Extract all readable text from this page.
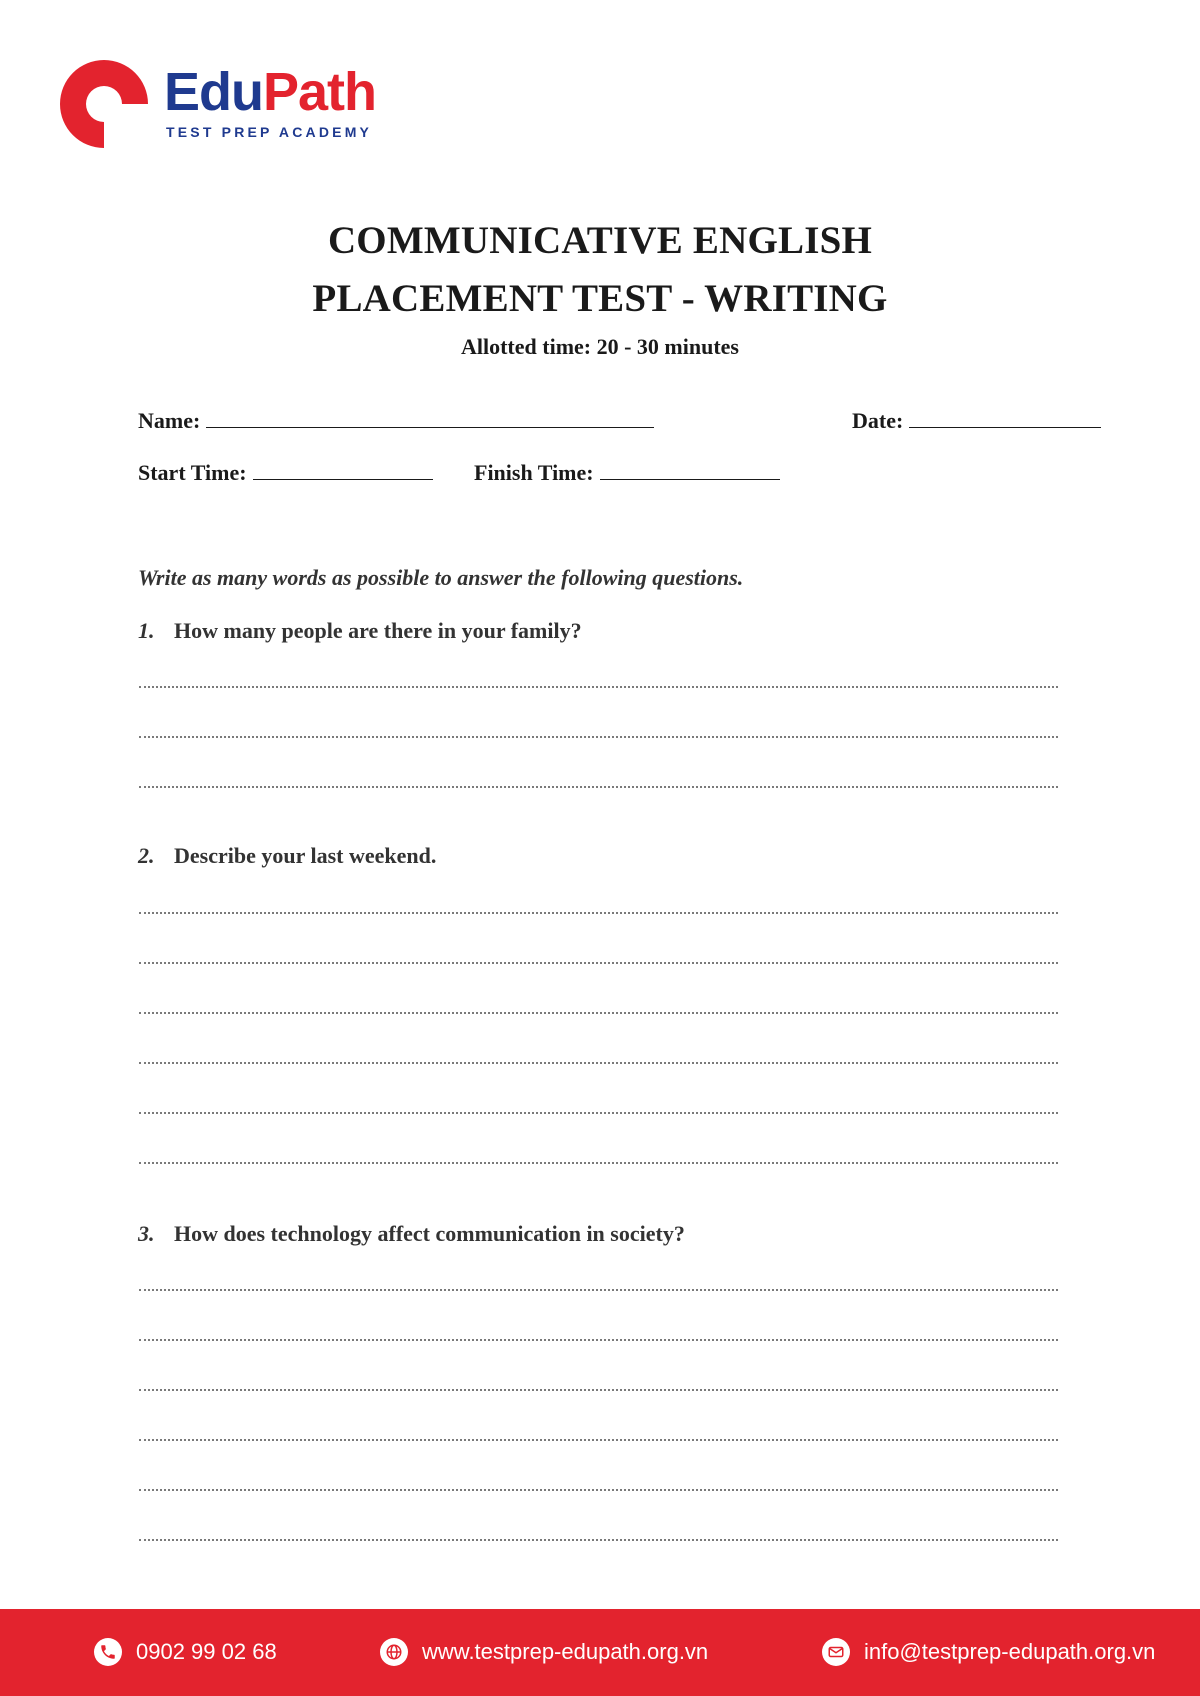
EduPath
TEST PREP ACADEMY
COMMUNICATIVE ENGLISH
PLACEMENT TEST - WRITING
Allotted time: 20 - 30 minutes
Name:	Date:
Start Time:	Finish Time:
Write as many words as possible to answer the following questions.
1. How many people are there in your family?
2. Describe your last weekend.
3. How does technology affect communication in society?
0902 99 02 68	www.testprep-edupath.org.vn	info@testprep-edupath.org.vn
